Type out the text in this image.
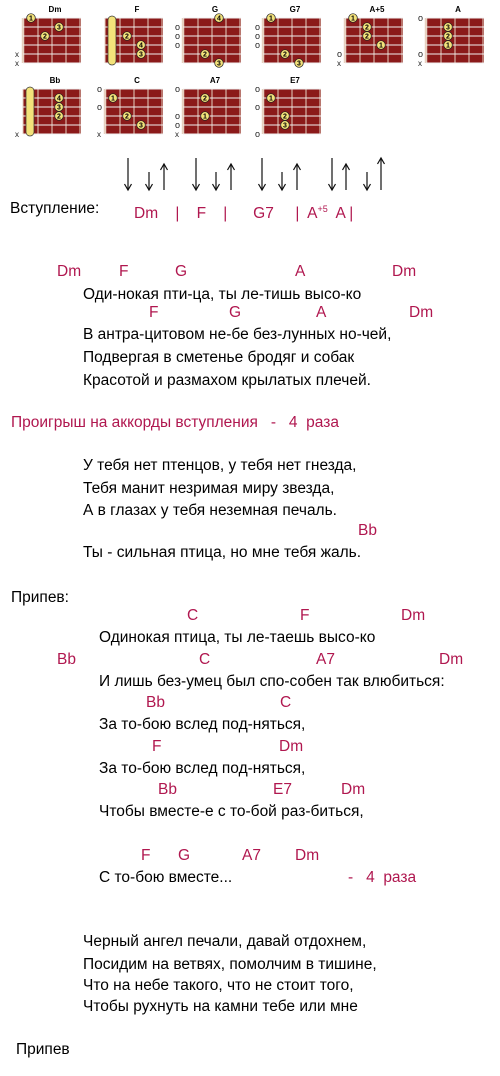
Dm
x
x
1
3
2
F
2
4
3
G
o
o
o
4
2
3
G7
o
o
o
1
2
3
A+5
o
x
1
2
2
1
A
o
o
x
3
2
1
Bb
x
4
3
2
C
o
o
x
1
2
3
A7
o
o
o
x
2
1
E7
o
o
o
1
2
3
Вступление: Dm    |    F    |      G7     |  $A^{+5}$  A |
Dm F	G	A	Dm
Оди-нокая пти-ца, ты ле-тишь высо-ко
F	G	A	Dm
В антра-цитовом не-бе без-лунных но-чей,
Подвергая в сметенье бродяг и собак
Красотой и размахом крылатых плечей.
Проигрыш на аккорды вступления   -   4  раза
У тебя нет птенцов, у тебя нет гнезда,
Тебя манит незримая миру звезда,
А в глазах у тебя неземная печаль.
Bb
Ты - сильная птица, но мне тебя жаль.
Припев:
C	F	Dm
Одинокая птица, ты ле-таешь высо-ко
Bb	C	A7	Dm
И лишь без-умец был спо-собен так влюбиться:
Bb	C
За то-бою вслед под-няться,
F	Dm
За то-бою вслед под-няться,
Bb	E7	Dm
Чтобы вместе-е с то-бой раз-биться,
F G	A7 Dm
С то-бою вместе...	-   4  раза
Черный ангел печали, давай отдохнем,
Посидим на ветвях, помолчим в тишине,
Что на небе такого, что не стоит того,
Чтобы рухнуть на камни тебе или мне
Припев
